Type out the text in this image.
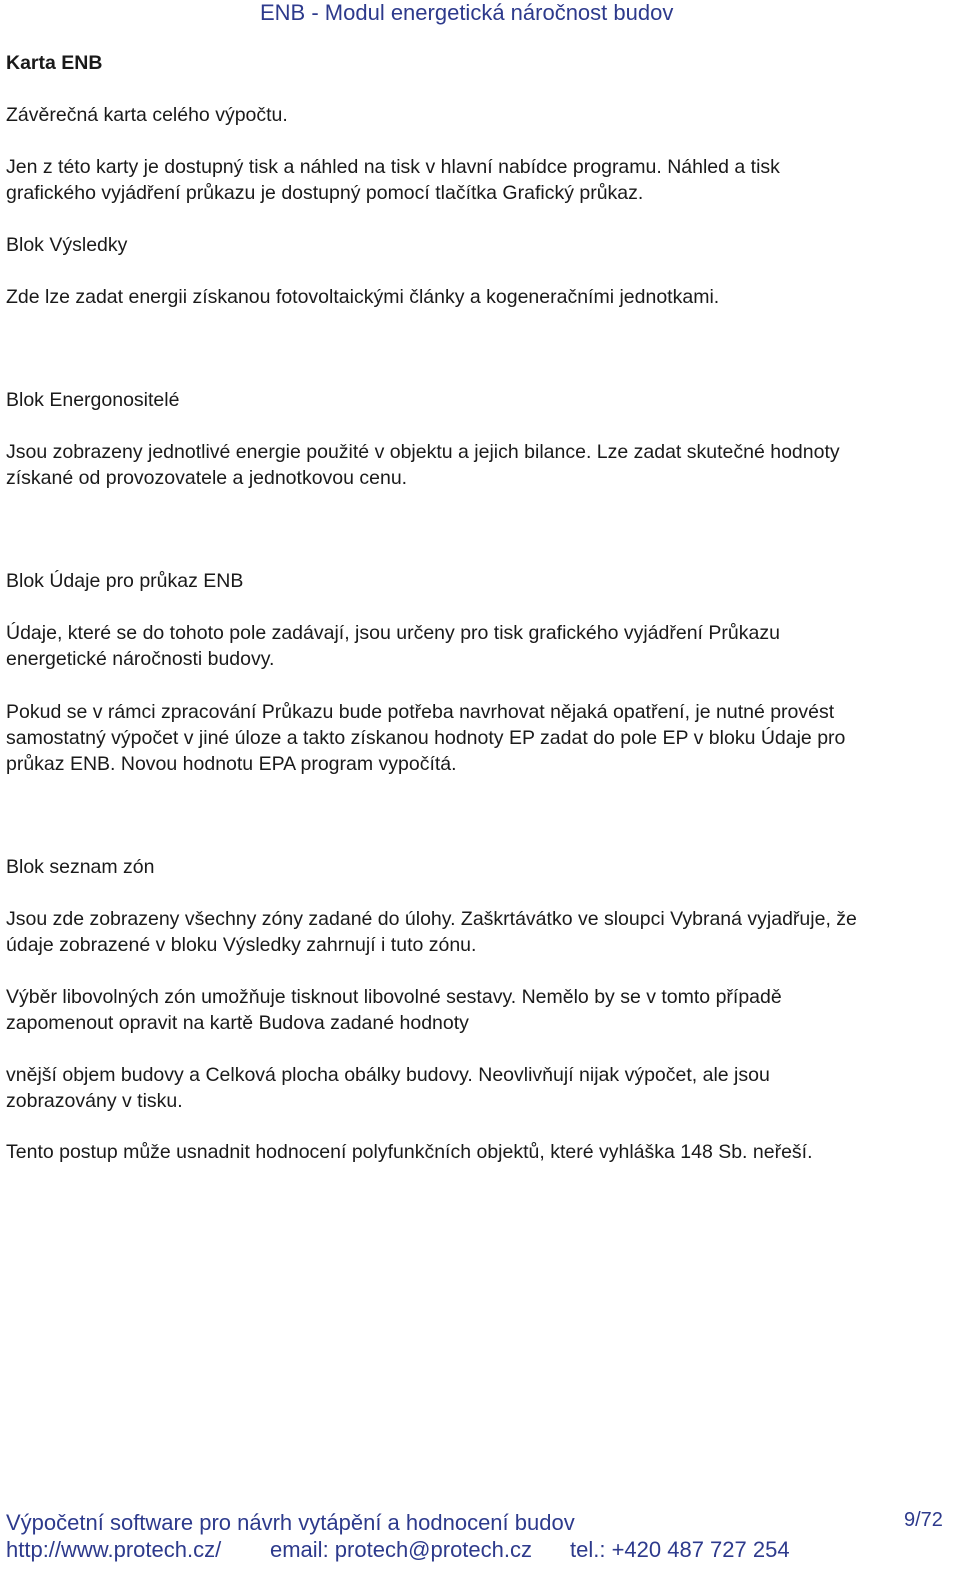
ENB - Modul energetická náročnost budov

Karta ENB

Závěrečná karta celého výpočtu.

Jen z této karty je dostupný tisk a náhled na tisk v hlavní nabídce programu. Náhled a tisk

grafického vyjádření průkazu je dostupný pomocí tlačítka Grafický průkaz.

Blok Výsledky

Zde lze zadat energii získanou fotovoltaickými články a kogeneračními jednotkami.

Blok Energonositelé

Jsou zobrazeny jednotlivé energie použité v objektu a jejich bilance. Lze zadat skutečné hodnoty

získané od provozovatele a jednotkovou cenu.

Blok Údaje pro průkaz ENB

Údaje, které se do tohoto pole zadávají, jsou určeny pro tisk grafického vyjádření Průkazu

energetické náročnosti budovy.

Pokud se v rámci zpracování Průkazu bude potřeba navrhovat nějaká opatření, je nutné provést

samostatný výpočet v jiné úloze a takto získanou hodnoty EP zadat do pole EP v bloku Údaje pro

průkaz ENB. Novou hodnotu EPA program vypočítá.

Blok seznam zón

Jsou zde zobrazeny všechny zóny zadané do úlohy. Zaškrtávátko ve sloupci Vybraná vyjadřuje, že

údaje zobrazené v bloku Výsledky zahrnují i tuto zónu.

Výběr libovolných zón umožňuje tisknout libovolné sestavy. Nemělo by se v tomto případě

zapomenout opravit na kartě Budova zadané hodnoty

vnější objem budovy a Celková plocha obálky budovy. Neovlivňují nijak výpočet, ale jsou

zobrazovány v tisku.

Tento postup může usnadnit hodnocení polyfunkčních objektů, které vyhláška 148 Sb. neřeší.

Výpočetní software pro návrh vytápění a hodnocení budov	9/72
http://www.protech.cz/ email: protech@protech.cz tel.: +420 487 727 254
